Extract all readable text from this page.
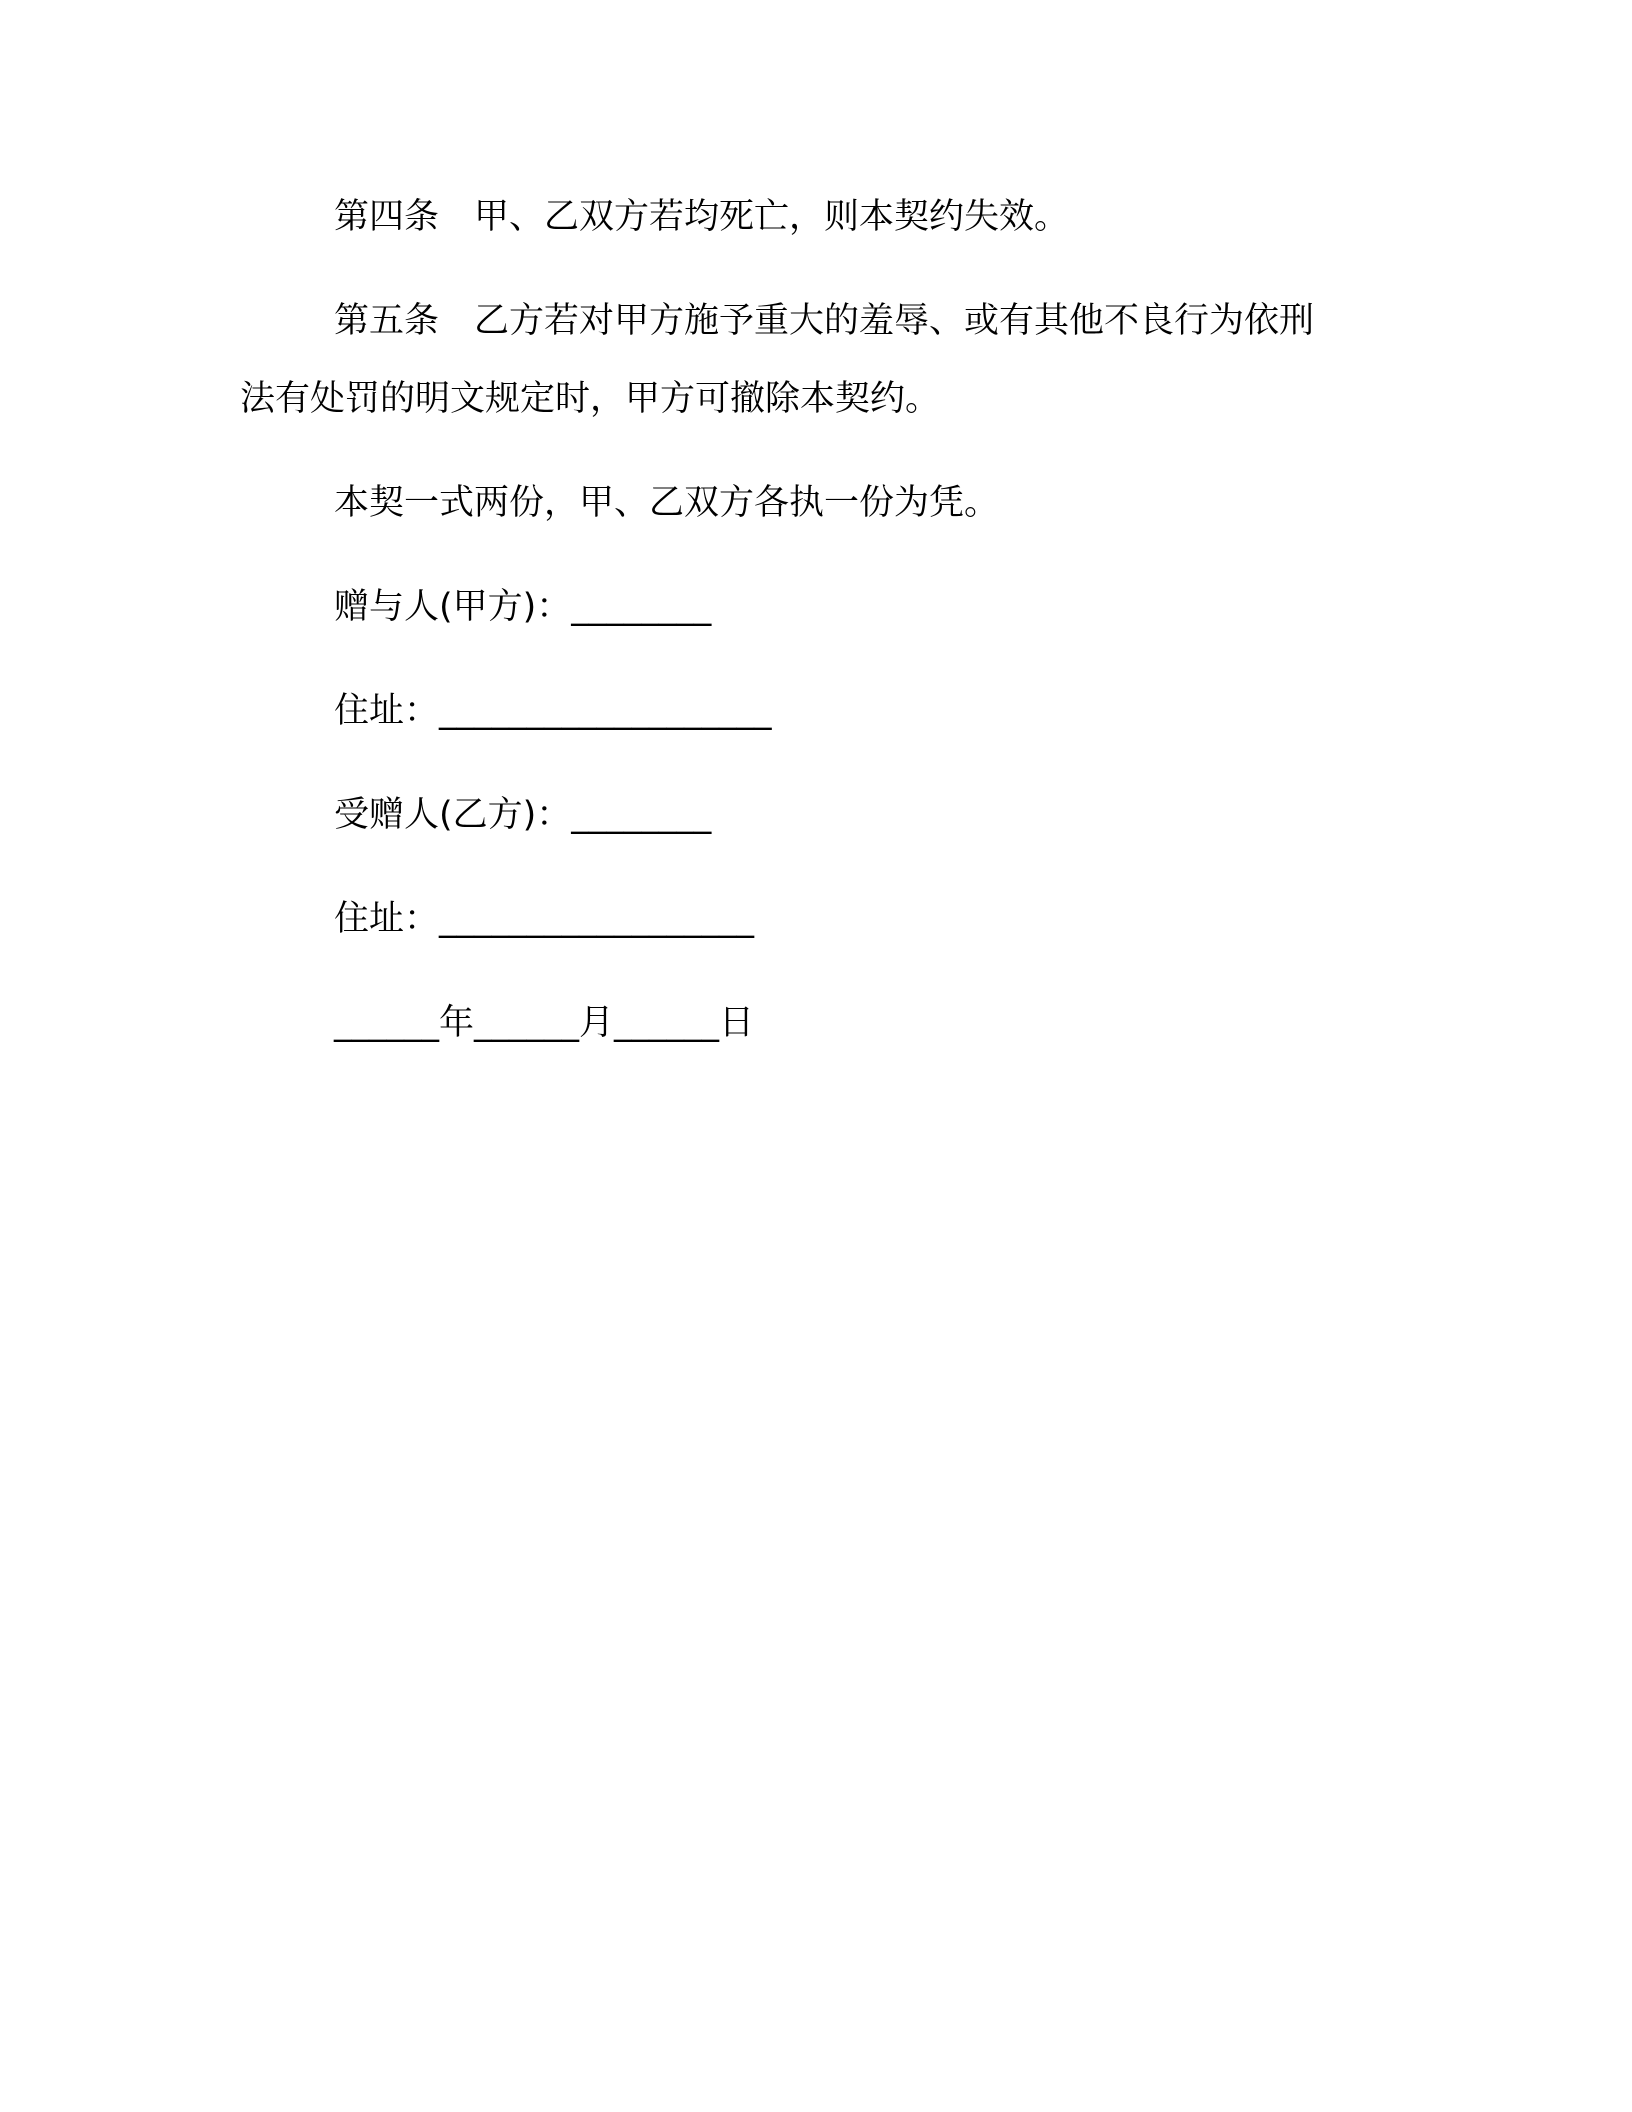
第四条　甲、乙双方若均死亡，则本契约失效。
第五条　乙方若对甲方施予重大的羞辱、或有其他不良行为依刑
法有处罚的明文规定时，甲方可撤除本契约。
本契一式两份，甲、乙双方各执一份为凭。
赠与人(甲方)：________
住址：___________________
受赠人(乙方)：________
住址：__________________
______年______月______日
